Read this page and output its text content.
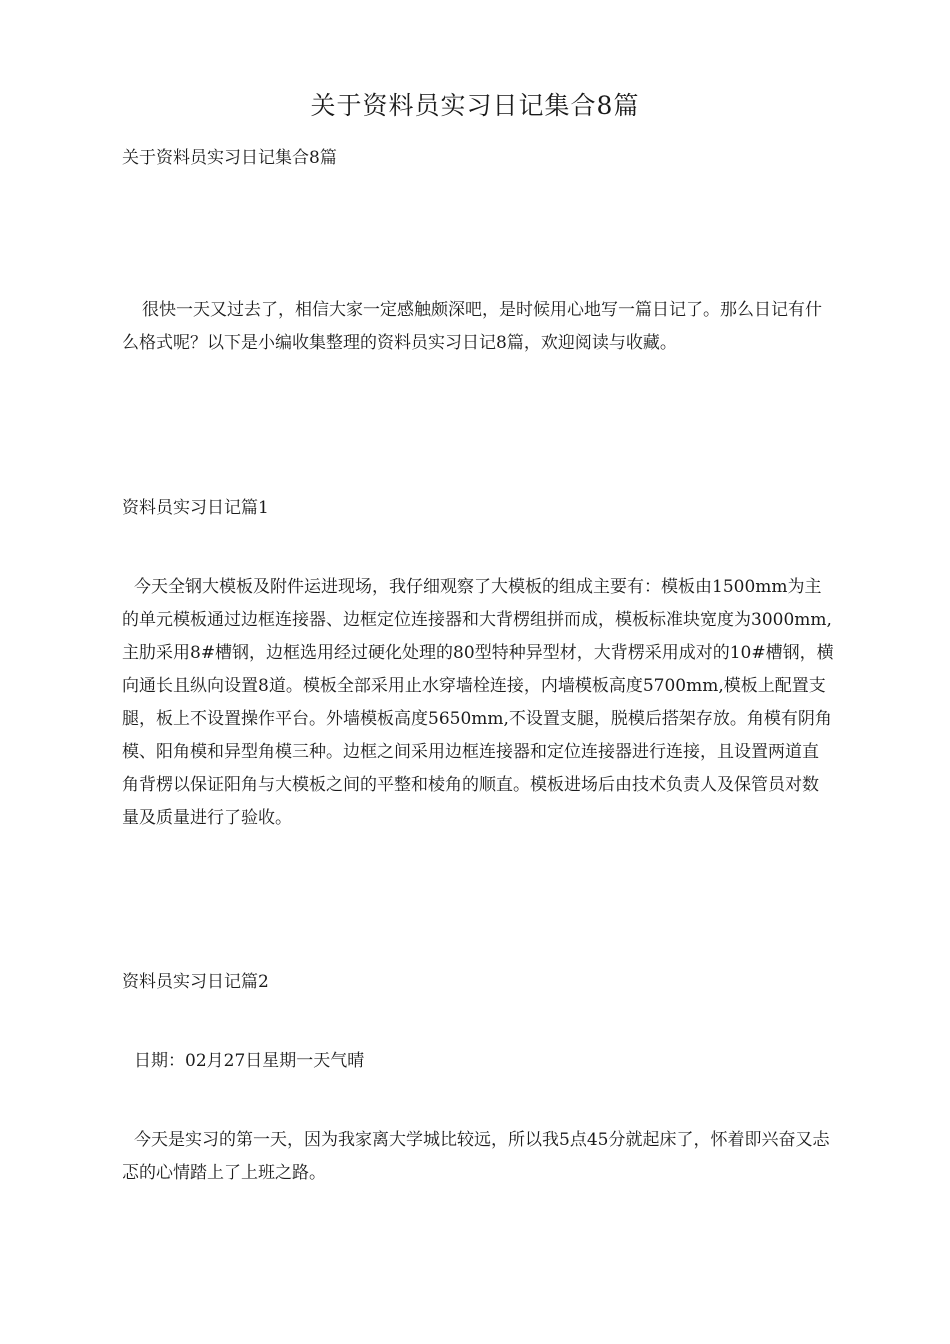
关于资料员实习日记集合8篇

关于资料员实习日记集合8篇

很快一天又过去了，相信大家一定感触颇深吧，是时候用心地写一篇日记了。那么日记有什么格式呢？以下是小编收集整理的资料员实习日记8篇，欢迎阅读与收藏。

资料员实习日记篇1

今天全钢大模板及附件运进现场，我仔细观察了大模板的组成主要有：模板由1500mm为主的单元模板通过边框连接器、边框定位连接器和大背楞组拼而成，模板标准块宽度为3000mm,主肋采用8#槽钢，边框选用经过硬化处理的80型特种异型材，大背楞采用成对的10#槽钢，横向通长且纵向设置8道。模板全部采用止水穿墙栓连接，内墙模板高度5700mm,模板上配置支腿，板上不设置操作平台。外墙模板高度5650mm,不设置支腿，脱模后搭架存放。角模有阴角模、阳角模和异型角模三种。边框之间采用边框连接器和定位连接器进行连接，且设置两道直角背楞以保证阳角与大模板之间的平整和棱角的顺直。模板进场后由技术负责人及保管员对数量及质量进行了验收。

资料员实习日记篇2

日期：02月27日星期一天气晴

今天是实习的第一天，因为我家离大学城比较远，所以我5点45分就起床了，怀着即兴奋又忐忑的心情踏上了上班之路。
